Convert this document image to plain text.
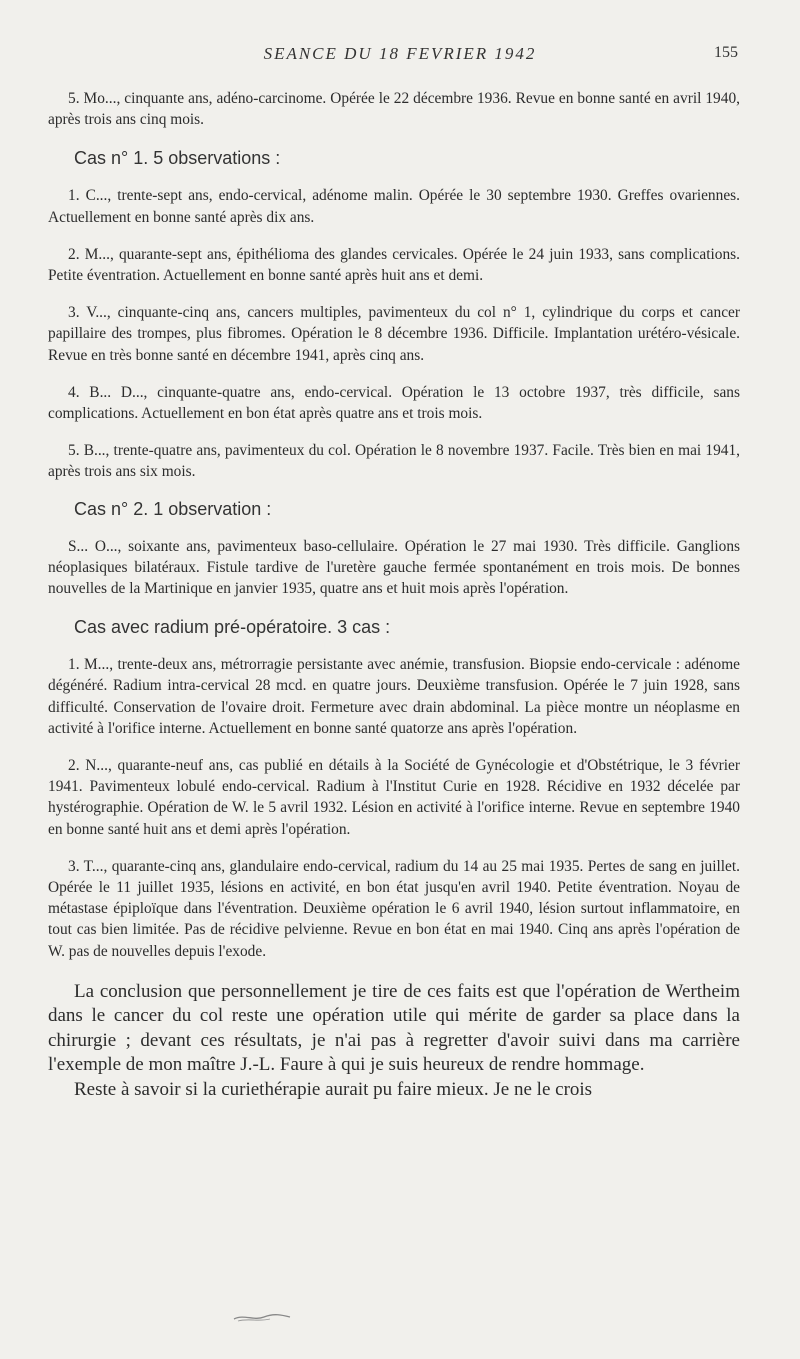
SEANCE DU 18 FEVRIER 1942	155

5. Mo..., cinquante ans, adéno-carcinome. Opérée le 22 décembre 1936. Revue en bonne santé en avril 1940, après trois ans cinq mois.

Cas n° 1. 5 observations :

1. C..., trente-sept ans, endo-cervical, adénome malin. Opérée le 30 septembre 1930. Greffes ovariennes. Actuellement en bonne santé après dix ans.

2. M..., quarante-sept ans, épithélioma des glandes cervicales. Opérée le 24 juin 1933, sans complications. Petite éventration. Actuellement en bonne santé après huit ans et demi.

3. V..., cinquante-cinq ans, cancers multiples, pavimenteux du col n° 1, cylindrique du corps et cancer papillaire des trompes, plus fibromes. Opération le 8 décembre 1936. Difficile. Implantation urétéro-vésicale. Revue en très bonne santé en décembre 1941, après cinq ans.

4. B... D..., cinquante-quatre ans, endo-cervical. Opération le 13 octobre 1937, très difficile, sans complications. Actuellement en bon état après quatre ans et trois mois.

5. B..., trente-quatre ans, pavimenteux du col. Opération le 8 novembre 1937. Facile. Très bien en mai 1941, après trois ans six mois.

Cas n° 2. 1 observation :

S... O..., soixante ans, pavimenteux baso-cellulaire. Opération le 27 mai 1930. Très difficile. Ganglions néoplasiques bilatéraux. Fistule tardive de l'uretère gauche fermée spontanément en trois mois. De bonnes nouvelles de la Martinique en janvier 1935, quatre ans et huit mois après l'opération.

Cas avec radium pré-opératoire. 3 cas :

1. M..., trente-deux ans, métrorragie persistante avec anémie, transfusion. Biopsie endo-cervicale : adénome dégénéré. Radium intra-cervical 28 mcd. en quatre jours. Deuxième transfusion. Opérée le 7 juin 1928, sans difficulté. Conservation de l'ovaire droit. Fermeture avec drain abdominal. La pièce montre un néoplasme en activité à l'orifice interne. Actuellement en bonne santé quatorze ans après l'opération.

2. N..., quarante-neuf ans, cas publié en détails à la Société de Gynécologie et d'Obstétrique, le 3 février 1941. Pavimenteux lobulé endo-cervical. Radium à l'Institut Curie en 1928. Récidive en 1932 décelée par hystérographie. Opération de W. le 5 avril 1932. Lésion en activité à l'orifice interne. Revue en septembre 1940 en bonne santé huit ans et demi après l'opération.

3. T..., quarante-cinq ans, glandulaire endo-cervical, radium du 14 au 25 mai 1935. Pertes de sang en juillet. Opérée le 11 juillet 1935, lésions en activité, en bon état jusqu'en avril 1940. Petite éventration. Noyau de métastase épiploïque dans l'éventration. Deuxième opération le 6 avril 1940, lésion surtout inflammatoire, en tout cas bien limitée. Pas de récidive pelvienne. Revue en bon état en mai 1940. Cinq ans après l'opération de W. pas de nouvelles depuis l'exode.

La conclusion que personnellement je tire de ces faits est que l'opération de Wertheim dans le cancer du col reste une opération utile qui mérite de garder sa place dans la chirurgie ; devant ces résultats, je n'ai pas à regretter d'avoir suivi dans ma carrière l'exemple de mon maître J.-L. Faure à qui je suis heureux de rendre hommage.

Reste à savoir si la curiethérapie aurait pu faire mieux. Je ne le crois
